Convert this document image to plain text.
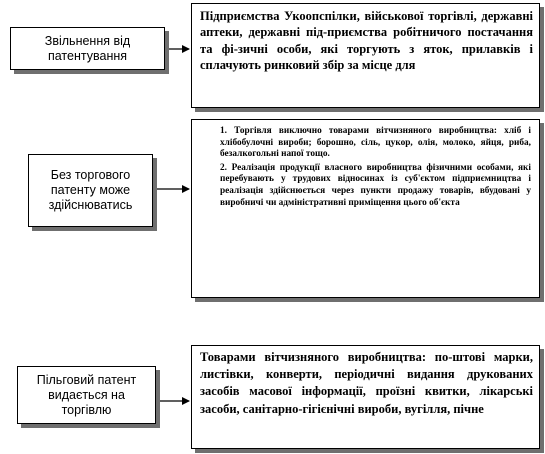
Звільнення від патентування
Без торгового патенту може здійснюватись
Пільговий патент видається на торгівлю
Підприємства Укоопспілки, військової торгівлі, державні аптеки, державні під-приємства робітничого постачання та фі-зичні особи, які торгують з яток, прилавків і сплачують ринковий збір за місце для

1. Торгівля виключно товарами вітчизняного виробництва: хліб і хлібобулочні вироби; борошно, сіль, цукор, олія, молоко, яйця, риба, безалкогольні напої тощо.

2. Реалізація продукції власного виробництва фізичними особами, які перебувають у трудових відносинах із суб'єктом підприємництва і реалізація здійснюється через пункти продажу товарів, вбудовані у виробничі чи адміністративні приміщення цього об'єкта

Товарами вітчизняного виробництва: по-штові марки, листівки, конверти, періодичні видання друкованих засобів масової інформації, проїзні квитки, лікарські засоби, санітарно-гігієнічні вироби, вугілля, пічне
